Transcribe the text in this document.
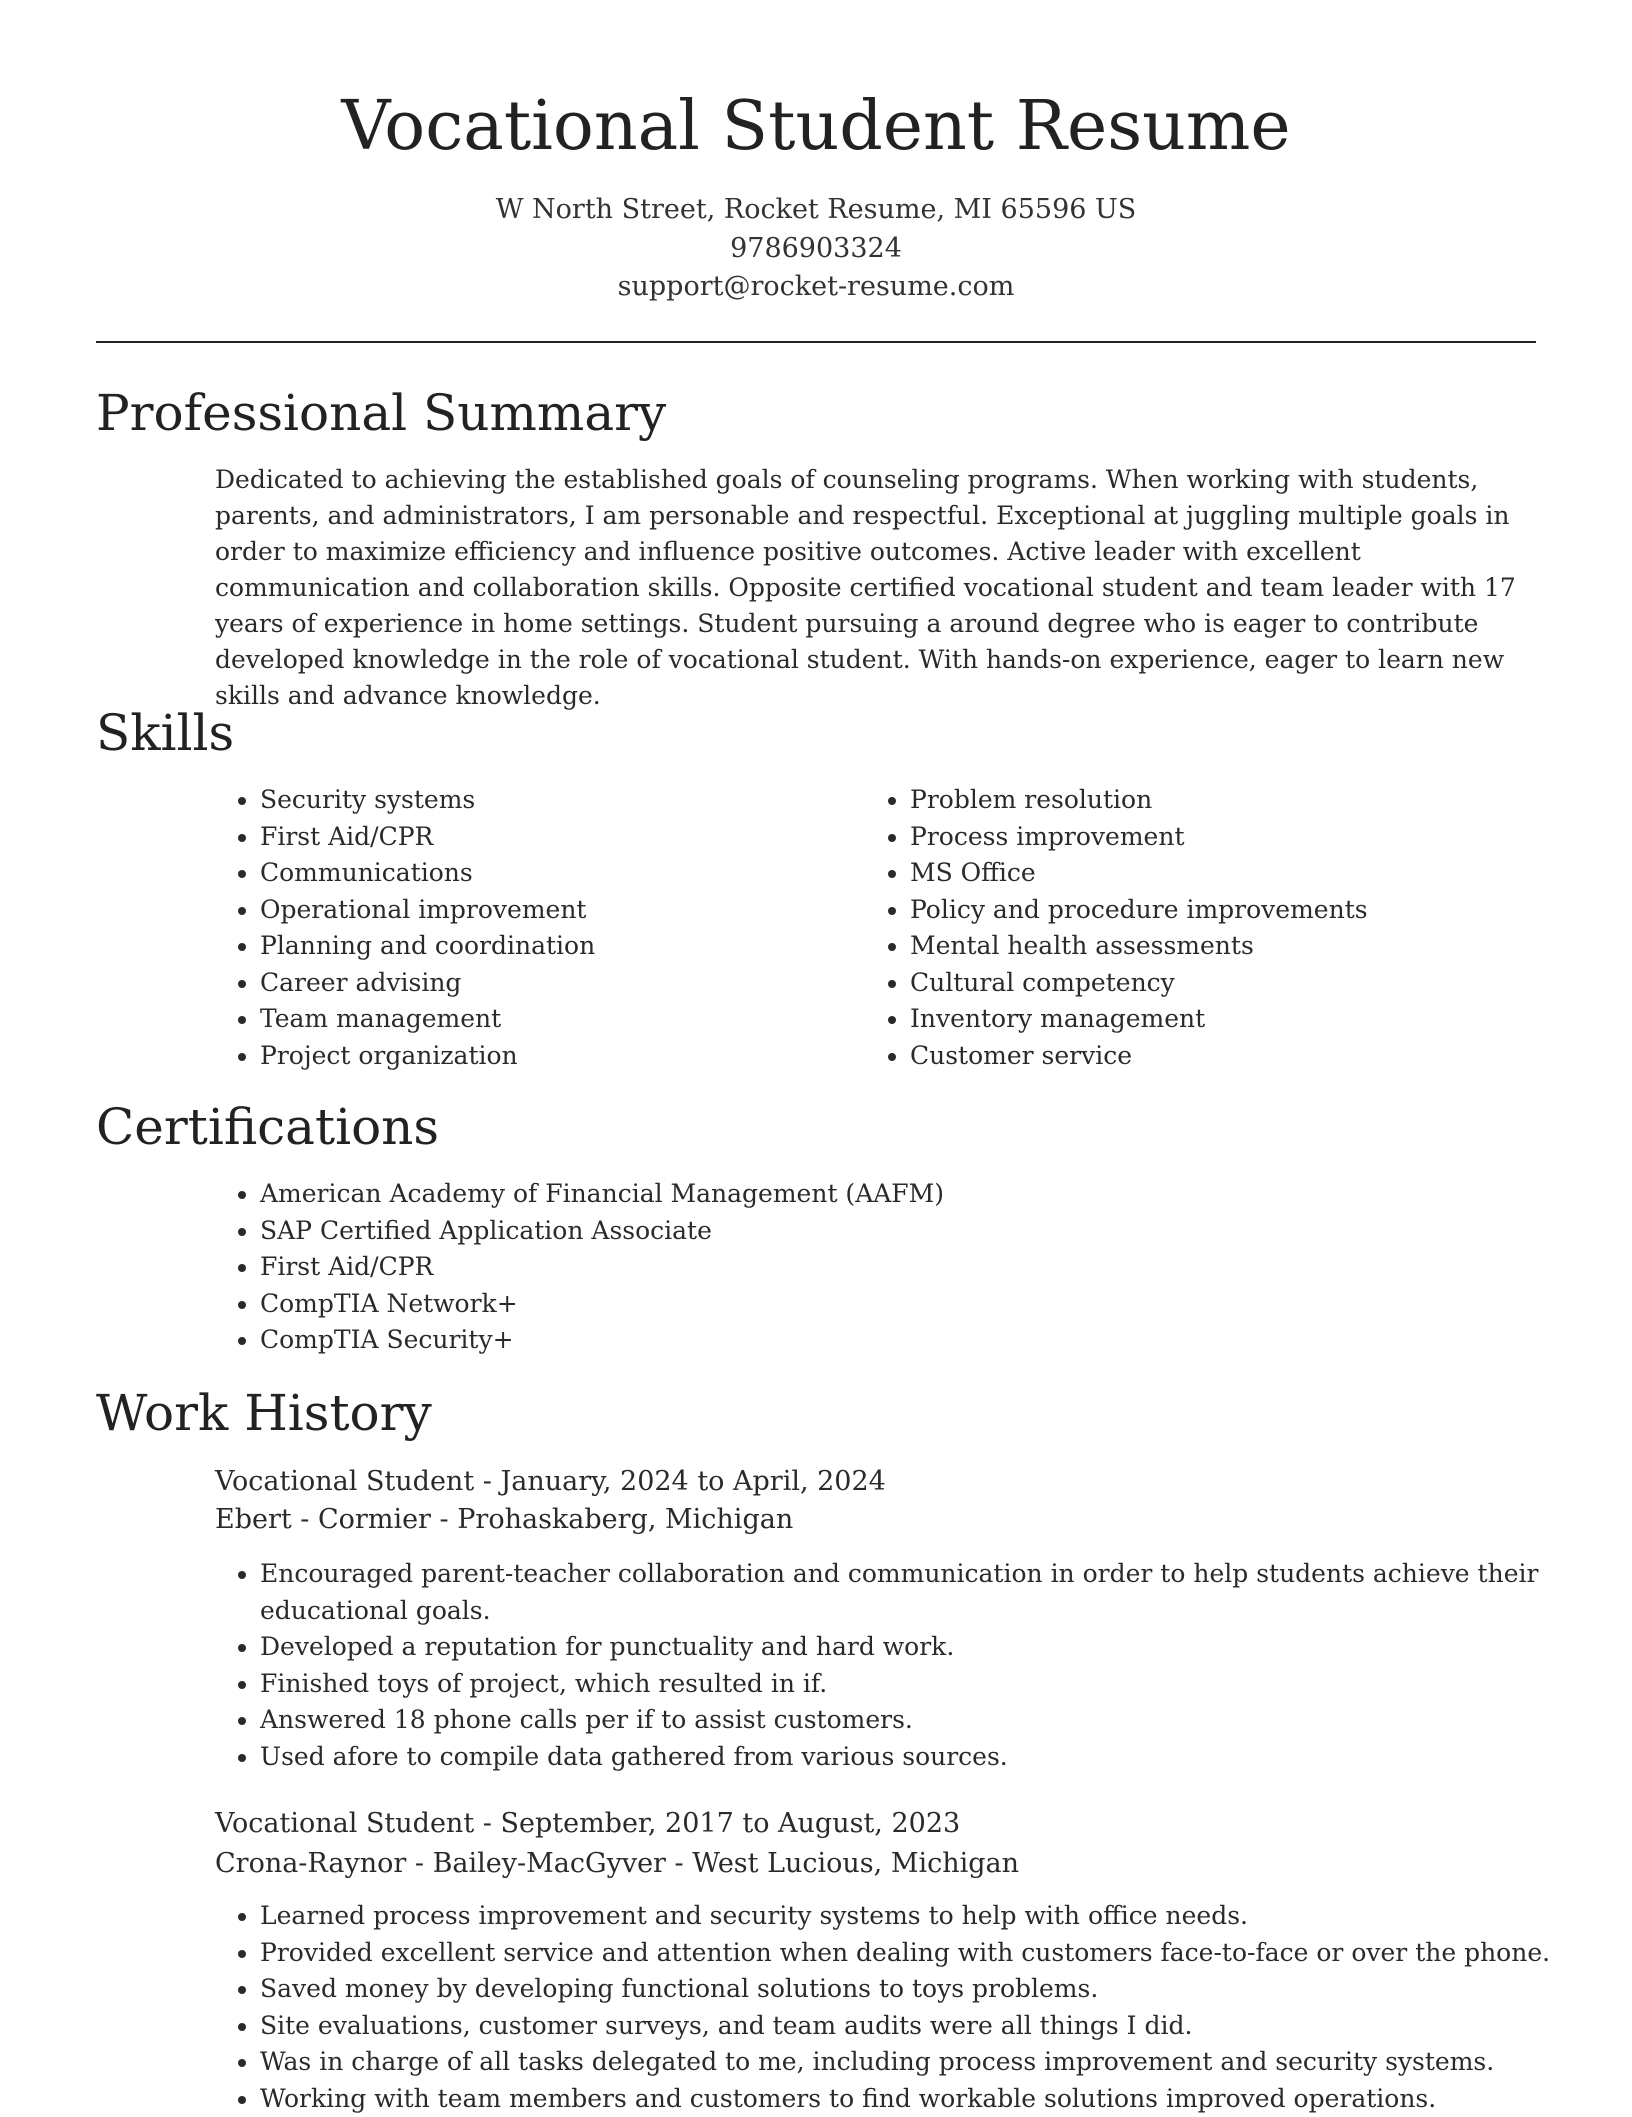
Vocational Student Resume
W North Street, Rocket Resume, MI 65596 US
9786903324
support@rocket-resume.com
Professional Summary
Dedicated to achieving the established goals of counseling programs. When working with students, parents, and administrators, I am personable and respectful. Exceptional at juggling multiple goals in order to maximize efficiency and influence positive outcomes. Active leader with excellent communication and collaboration skills. Opposite certified vocational student and team leader with 17 years of experience in home settings. Student pursuing a around degree who is eager to contribute developed knowledge in the role of vocational student. With hands-on experience, eager to learn new skills and advance knowledge.
Skills
• Security systems
• First Aid/CPR
• Communications
• Operational improvement
• Planning and coordination
• Career advising
• Team management
• Project organization
• Problem resolution
• Process improvement
• MS Office
• Policy and procedure improvements
• Mental health assessments
• Cultural competency
• Inventory management
• Customer service
Certifications
• American Academy of Financial Management (AAFM)
• SAP Certified Application Associate
• First Aid/CPR
• CompTIA Network+
• CompTIA Security+
Work History
Vocational Student - January, 2024 to April, 2024
Ebert - Cormier - Prohaskaberg, Michigan
• Encouraged parent-teacher collaboration and communication in order to help students achieve their educational goals.
• Developed a reputation for punctuality and hard work.
• Finished toys of project, which resulted in if.
• Answered 18 phone calls per if to assist customers.
• Used afore to compile data gathered from various sources.
Vocational Student - September, 2017 to August, 2023
Crona-Raynor - Bailey-MacGyver - West Lucious, Michigan
• Learned process improvement and security systems to help with office needs.
• Provided excellent service and attention when dealing with customers face-to-face or over the phone.
• Saved money by developing functional solutions to toys problems.
• Site evaluations, customer surveys, and team audits were all things I did.
• Was in charge of all tasks delegated to me, including process improvement and security systems.
• Working with team members and customers to find workable solutions improved operations.
